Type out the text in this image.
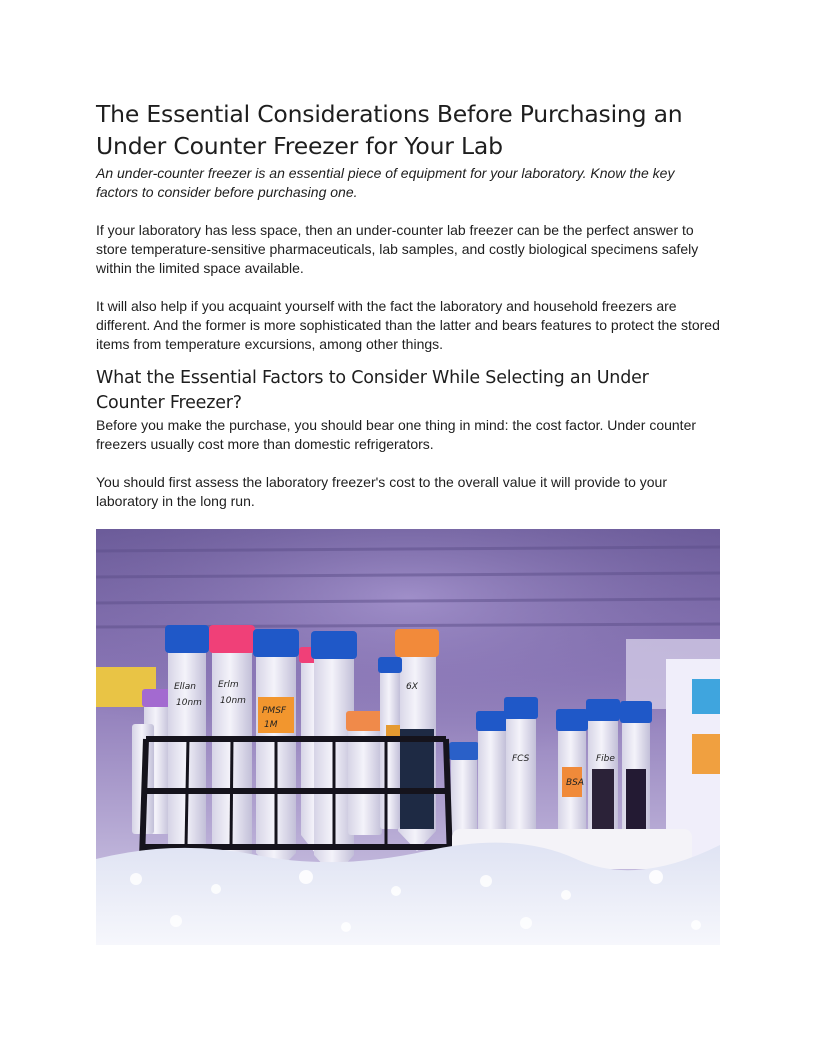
The Essential Considerations Before Purchasing an Under Counter Freezer for Your Lab

An under-counter freezer is an essential piece of equipment for your laboratory. Know the key factors to consider before purchasing one.

If your laboratory has less space, then an under-counter lab freezer can be the perfect answer to store temperature-sensitive pharmaceuticals, lab samples, and costly biological specimens safely within the limited space available.

It will also help if you acquaint yourself with the fact the laboratory and household freezers are different. And the former is more sophisticated than the latter and bears features to protect the stored items from temperature excursions, among other things.

What the Essential Factors to Consider While Selecting an Under Counter Freezer?

Before you make the purchase, you should bear one thing in mind: the cost factor. Under counter freezers usually cost more than domestic refrigerators.

You should first assess the laboratory freezer's cost to the overall value it will provide to your laboratory in the long run.

Ellan
10nm
Erlm
10nm
PMSF
1M
6X
FCS
BSA
Fibe
